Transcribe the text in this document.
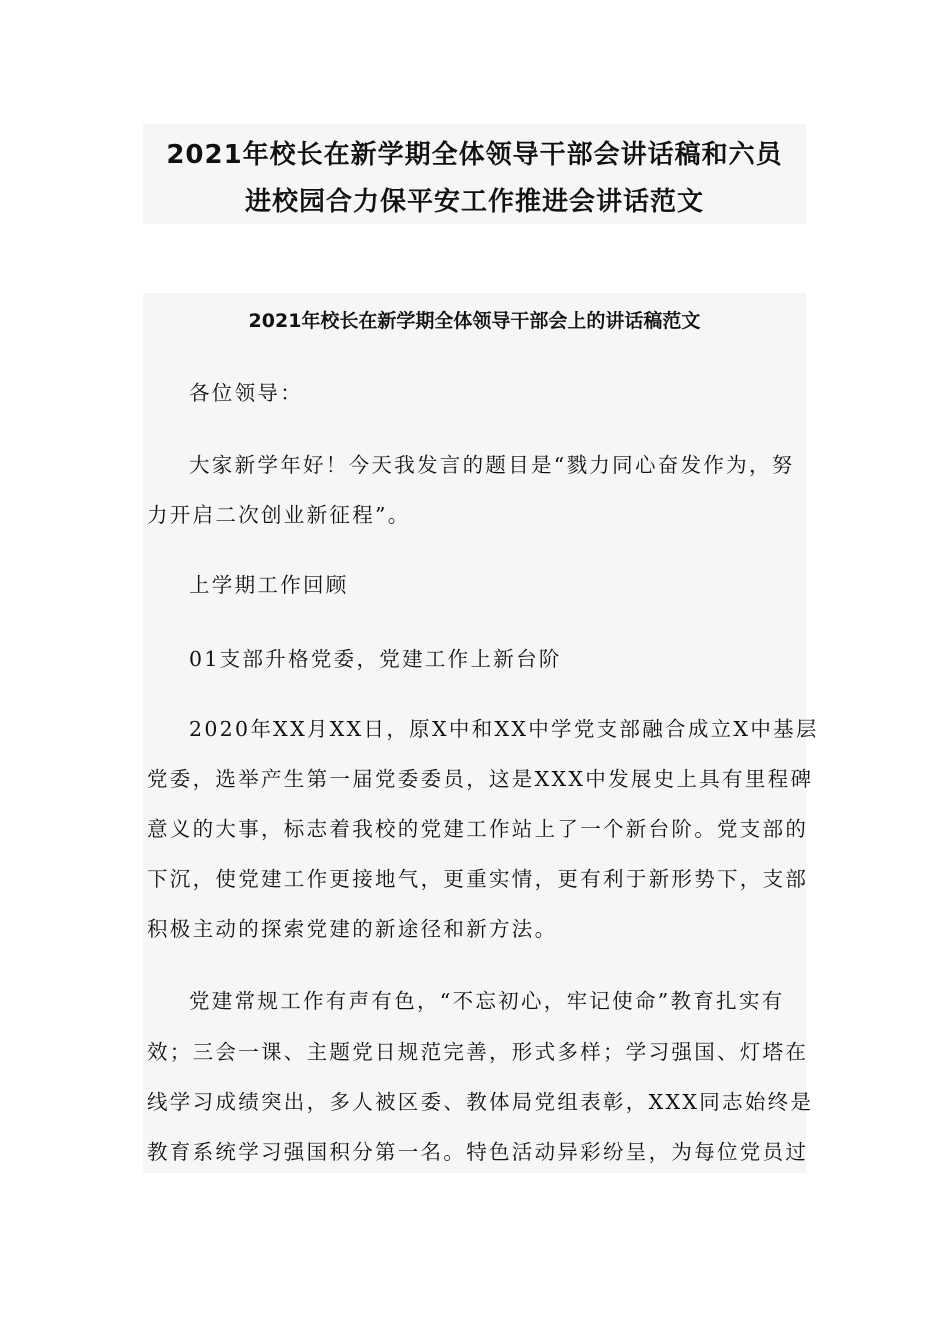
2021年校长在新学期全体领导干部会讲话稿和六员
进校园合力保平安工作推进会讲话范文
2021年校长在新学期全体领导干部会上的讲话稿范文
各位领导：
大家新学年好！今天我发言的题目是“戮力同心奋发作为，努
力开启二次创业新征程”。
上学期工作回顾
01支部升格党委，党建工作上新台阶
2020年XX月XX日，原X中和XX中学党支部融合成立X中基层
党委，选举产生第一届党委委员，这是XXX中发展史上具有里程碑
意义的大事，标志着我校的党建工作站上了一个新台阶。党支部的
下沉，使党建工作更接地气，更重实情，更有利于新形势下，支部
积极主动的探索党建的新途径和新方法。
党建常规工作有声有色，“不忘初心，牢记使命”教育扎实有
效；三会一课、主题党日规范完善，形式多样；学习强国、灯塔在
线学习成绩突出，多人被区委、教体局党组表彰，XXX同志始终是
教育系统学习强国积分第一名。特色活动异彩纷呈，为每位党员过
